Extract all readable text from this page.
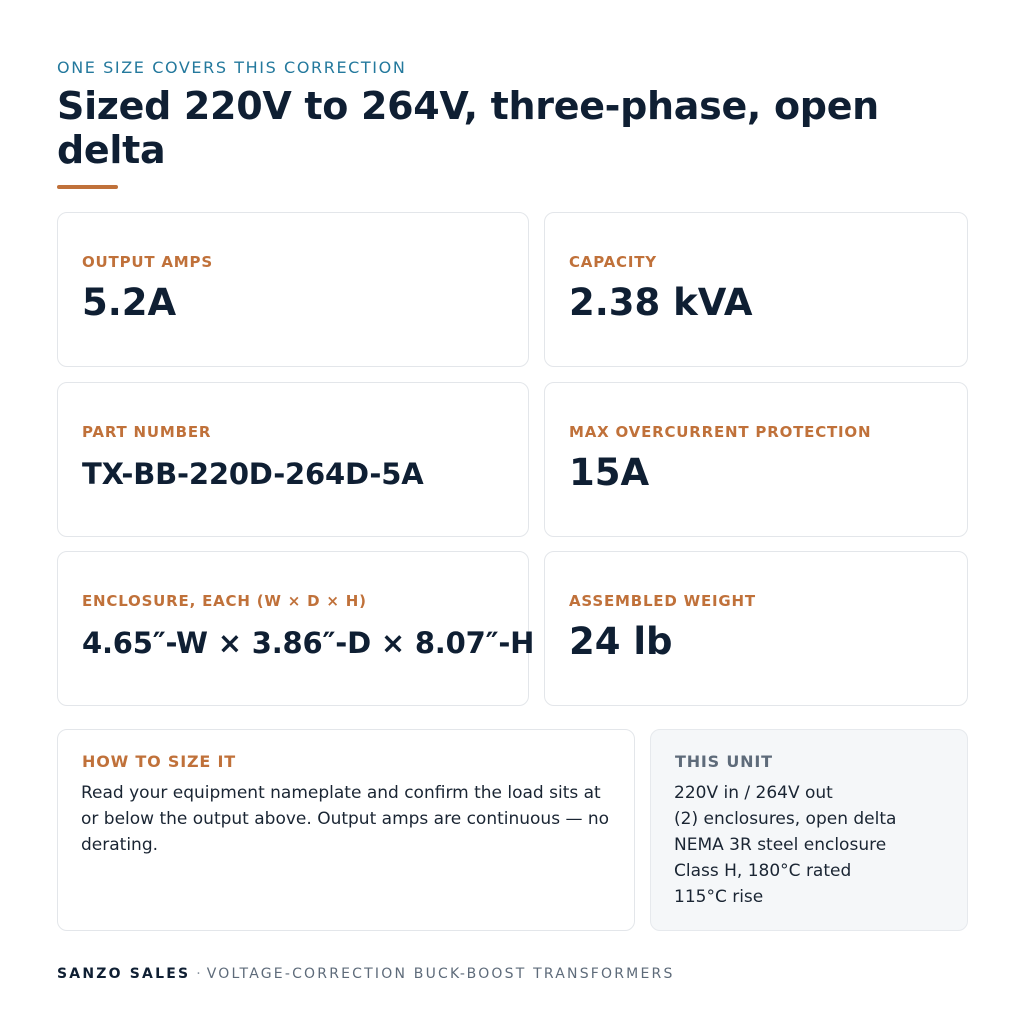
ONE SIZE COVERS THIS CORRECTION
Sized 220V to 264V, three-phase, open delta
OUTPUT AMPS
5.2A
CAPACITY
2.38 kVA
PART NUMBER
TX-BB-220D-264D-5A
MAX OVERCURRENT PROTECTION
15A
ENCLOSURE, EACH (W × D × H)
4.65″-W × 3.86″-D × 8.07″-H
ASSEMBLED WEIGHT
24 lb
HOW TO SIZE IT

Read your equipment nameplate and confirm the load sits at or below the output above. Output amps are continuous — no derating.

THIS UNIT
220V in / 264V out
(2) enclosures, open delta
NEMA 3R steel enclosure
Class H, 180°C rated
115°C rise
SANZO SALES · VOLTAGE-CORRECTION BUCK-BOOST TRANSFORMERS
